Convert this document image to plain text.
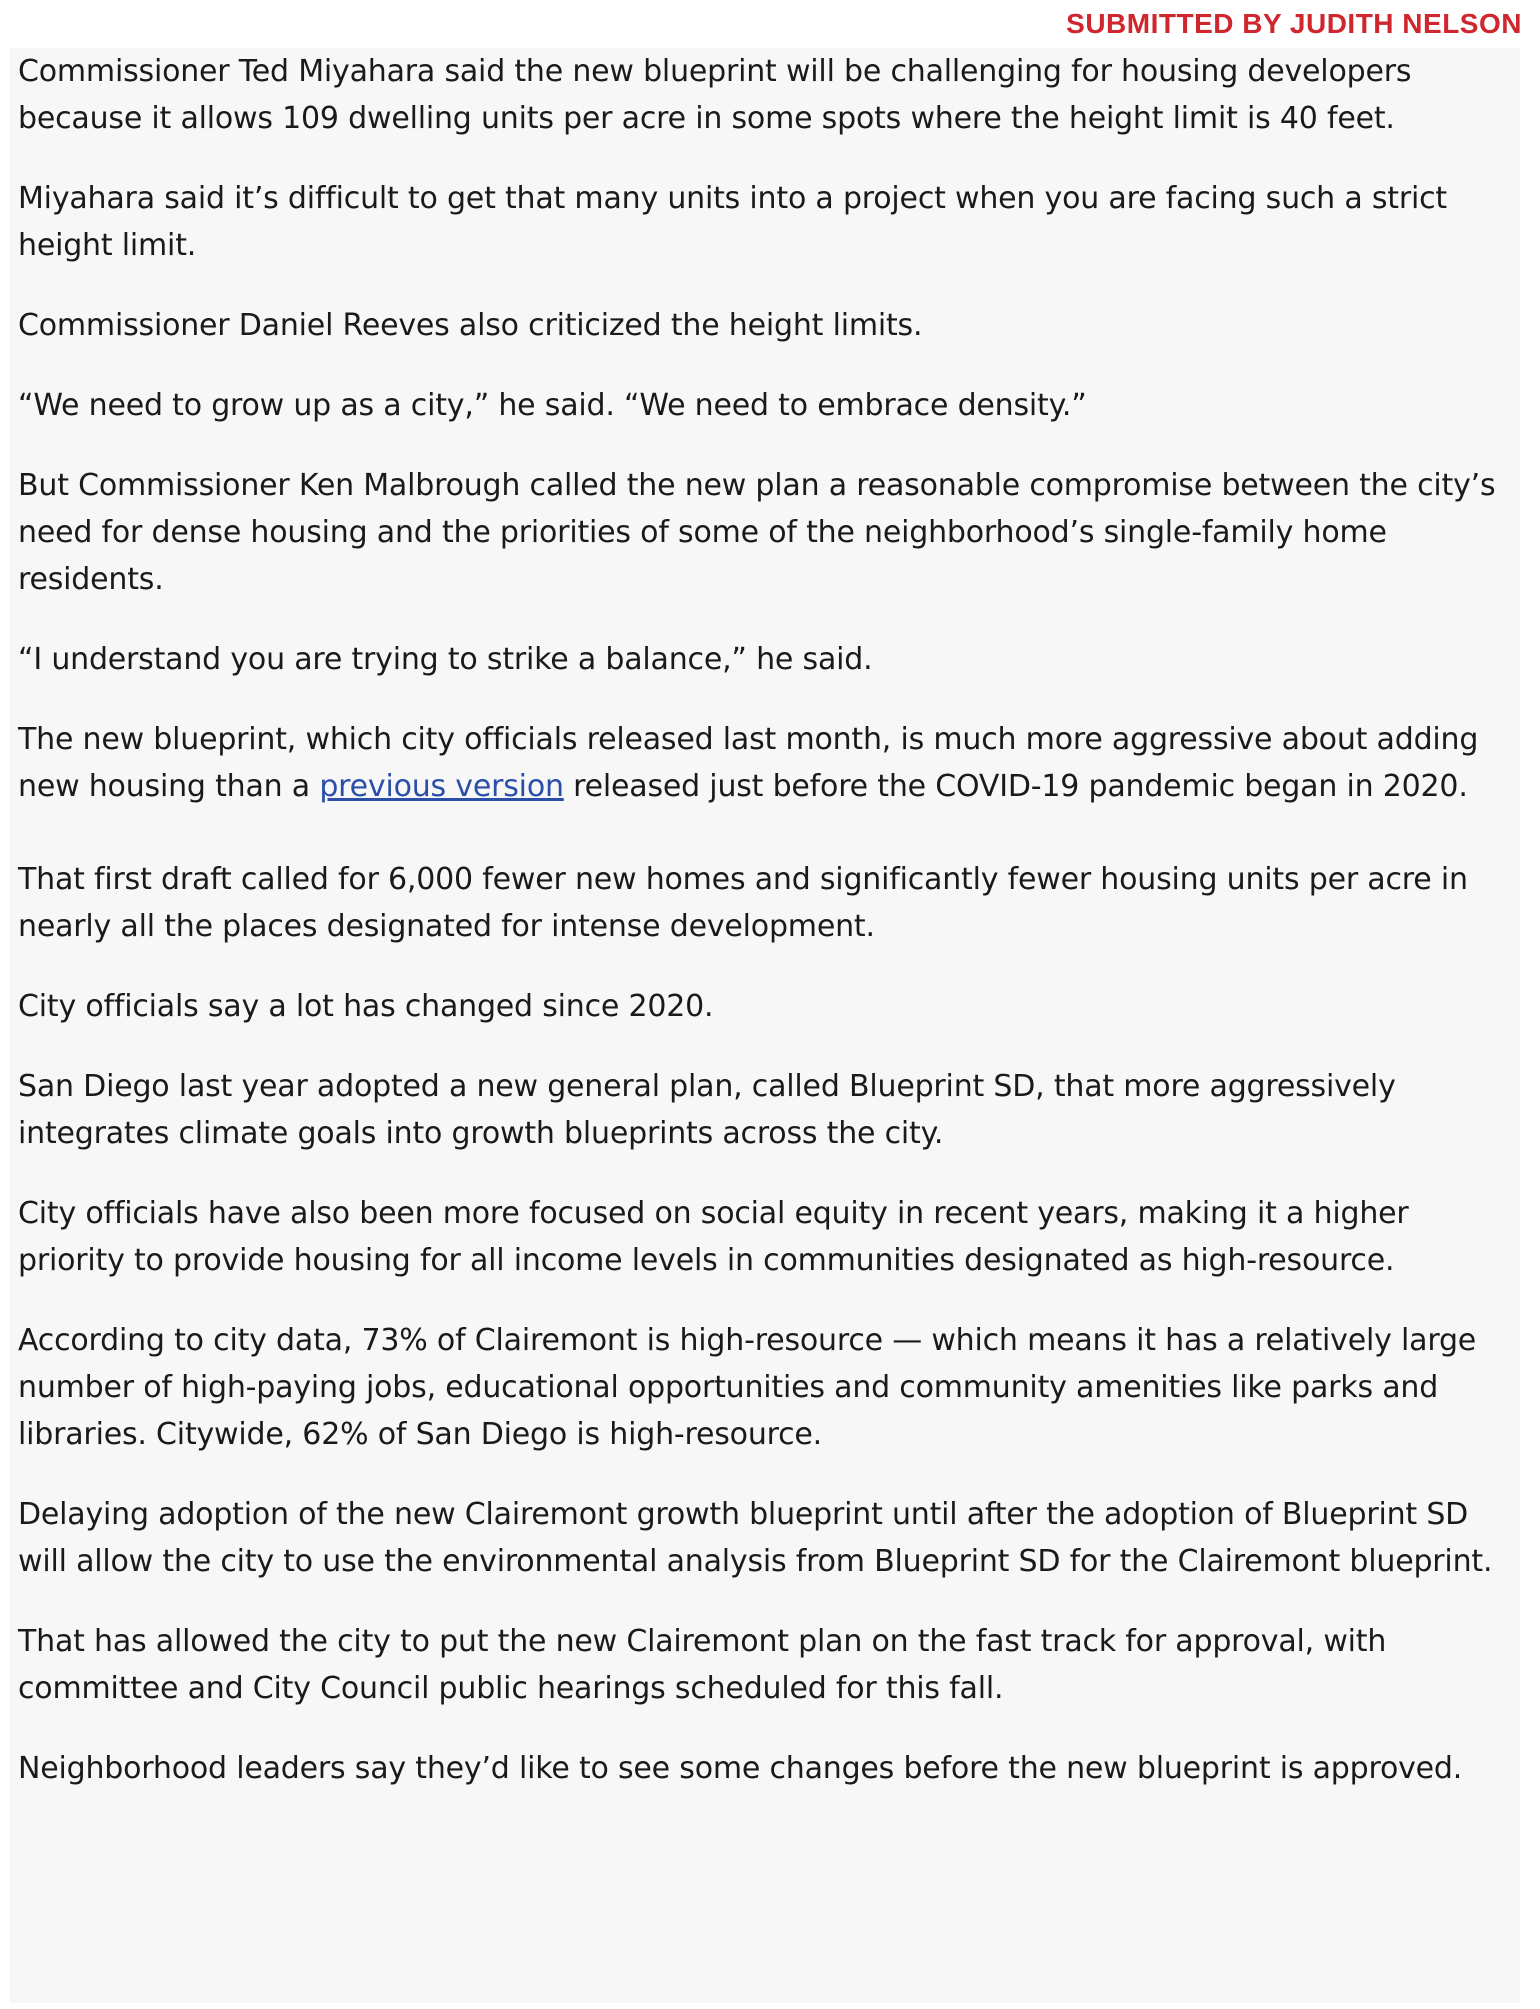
SUBMITTED BY JUDITH NELSON

Commissioner Ted Miyahara said the new blueprint will be challenging for housing developers because it allows 109 dwelling units per acre in some spots where the height limit is 40 feet.

Miyahara said it’s difficult to get that many units into a project when you are facing such a strict height limit.

Commissioner Daniel Reeves also criticized the height limits.

“We need to grow up as a city,” he said. “We need to embrace density.”

But Commissioner Ken Malbrough called the new plan a reasonable compromise between the city’s need for dense housing and the priorities of some of the neighborhood’s single-family home residents.

“I understand you are trying to strike a balance,” he said.

The new blueprint, which city officials released last month, is much more aggressive about adding new housing than a previous version released just before the COVID-19 pandemic began in 2020.

That first draft called for 6,000 fewer new homes and significantly fewer housing units per acre in nearly all the places designated for intense development.

City officials say a lot has changed since 2020.

San Diego last year adopted a new general plan, called Blueprint SD, that more aggressively integrates climate goals into growth blueprints across the city.

City officials have also been more focused on social equity in recent years, making it a higher priority to provide housing for all income levels in communities designated as high-resource.

According to city data, 73% of Clairemont is high-resource — which means it has a relatively large number of high-paying jobs, educational opportunities and community amenities like parks and libraries. Citywide, 62% of San Diego is high-resource.

Delaying adoption of the new Clairemont growth blueprint until after the adoption of Blueprint SD will allow the city to use the environmental analysis from Blueprint SD for the Clairemont blueprint.

That has allowed the city to put the new Clairemont plan on the fast track for approval, with committee and City Council public hearings scheduled for this fall.

Neighborhood leaders say they’d like to see some changes before the new blueprint is approved.
